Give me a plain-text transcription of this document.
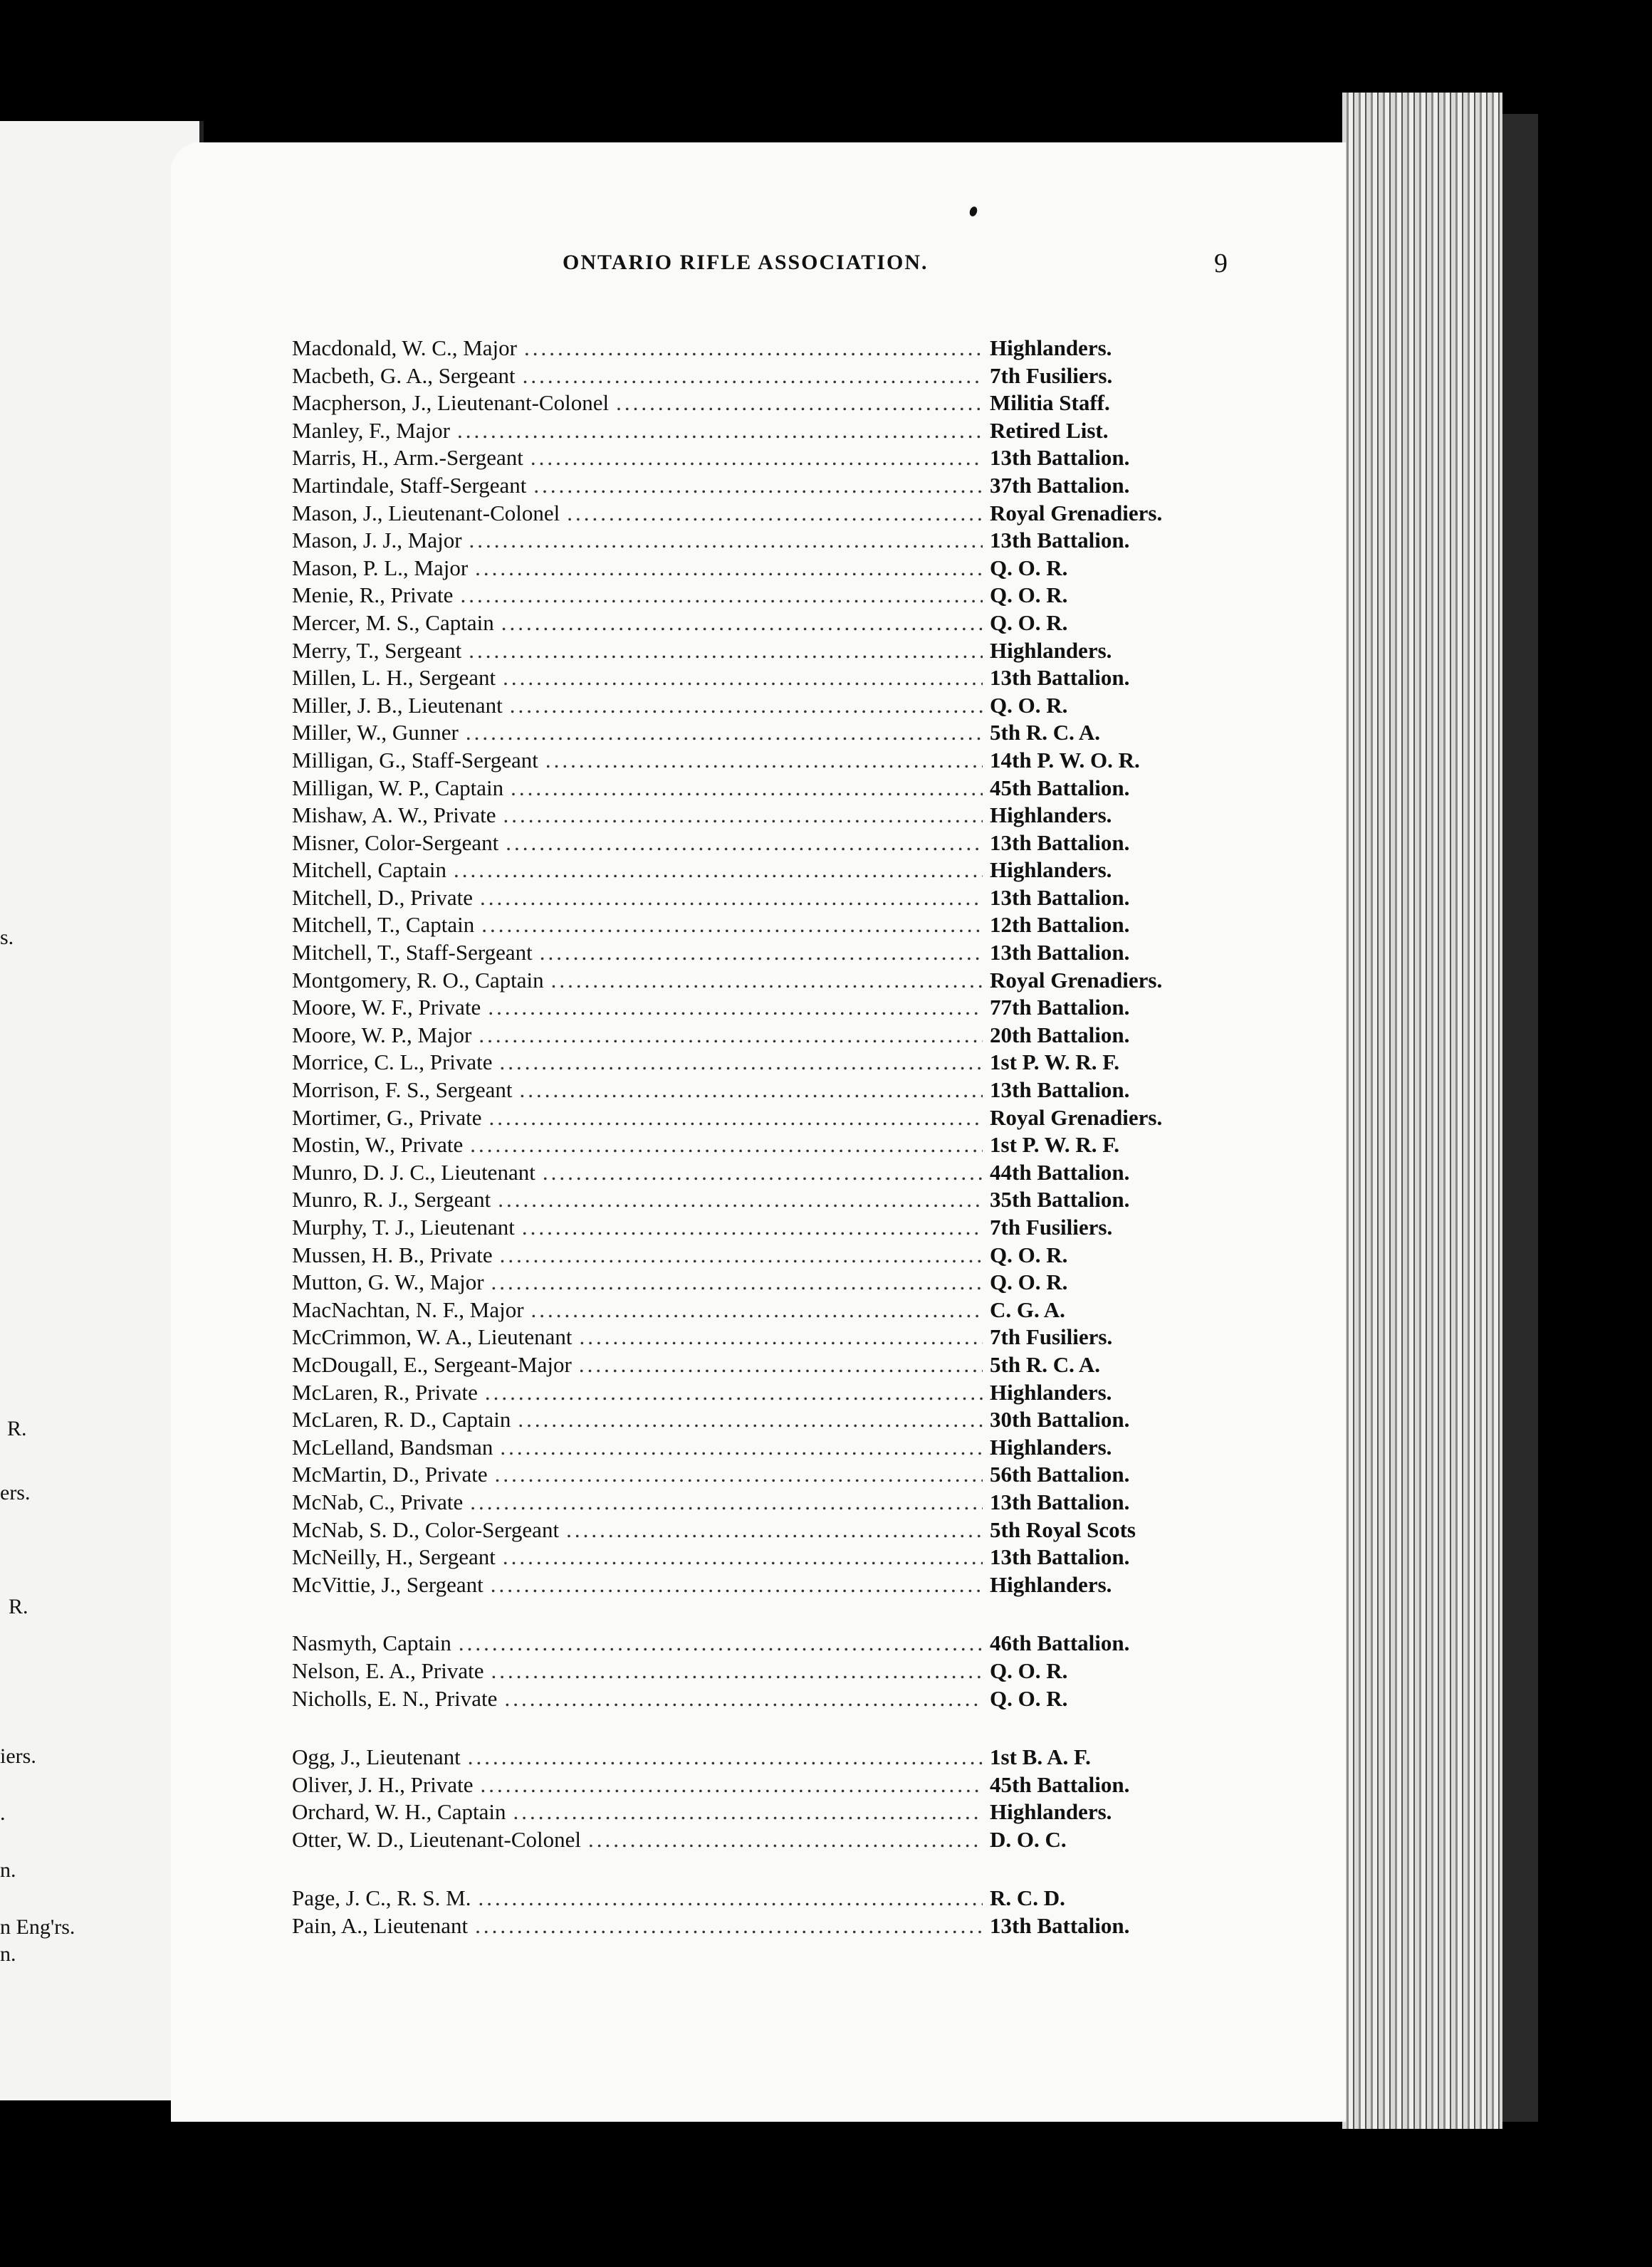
s.
R.
ers.
R.
iers.
.
n.
n Eng'rs.
n.
ONTARIO RIFLE ASSOCIATION.	9
Macdonald, W. C., Major .....	Highlanders.
Macbeth, G. A., Sergeant .....	7th Fusiliers.
Macpherson, J., Lieutenant-Colonel .....	Militia Staff.
Manley, F., Major .....	Retired List.
Marris, H., Arm.-Sergeant .....	13th Battalion.
Martindale, Staff-Sergeant .....	37th Battalion.
Mason, J., Lieutenant-Colonel .....	Royal Grenadiers.
Mason, J. J., Major .....	13th Battalion.
Mason, P. L., Major .....	Q. O. R.
Menie, R., Private .....	Q. O. R.
Mercer, M. S., Captain .....	Q. O. R.
Merry, T., Sergeant .....	Highlanders.
Millen, L. H., Sergeant .....	13th Battalion.
Miller, J. B., Lieutenant .....	Q. O. R.
Miller, W., Gunner .....	5th R. C. A.
Milligan, G., Staff-Sergeant .....	14th P. W. O. R.
Milligan, W. P., Captain .....	45th Battalion.
Mishaw, A. W., Private .....	Highlanders.
Misner, Color-Sergeant .....	13th Battalion.
Mitchell, Captain .....	Highlanders.
Mitchell, D., Private .....	13th Battalion.
Mitchell, T., Captain .....	12th Battalion.
Mitchell, T., Staff-Sergeant .....	13th Battalion.
Montgomery, R. O., Captain .....	Royal Grenadiers.
Moore, W. F., Private .....	77th Battalion.
Moore, W. P., Major .....	20th Battalion.
Morrice, C. L., Private .....	1st P. W. R. F.
Morrison, F. S., Sergeant .....	13th Battalion.
Mortimer, G., Private .....	Royal Grenadiers.
Mostin, W., Private .....	1st P. W. R. F.
Munro, D. J. C., Lieutenant .....	44th Battalion.
Munro, R. J., Sergeant .....	35th Battalion.
Murphy, T. J., Lieutenant .....	7th Fusiliers.
Mussen, H. B., Private .....	Q. O. R.
Mutton, G. W., Major .....	Q. O. R.
MacNachtan, N. F., Major .....	C. G. A.
McCrimmon, W. A., Lieutenant .....	7th Fusiliers.
McDougall, E., Sergeant-Major .....	5th R. C. A.
McLaren, R., Private .....	Highlanders.
McLaren, R. D., Captain .....	30th Battalion.
McLelland, Bandsman .....	Highlanders.
McMartin, D., Private .....	56th Battalion.
McNab, C., Private .....	13th Battalion.
McNab, S. D., Color-Sergeant .....	5th Royal Scots
McNeilly, H., Sergeant .....	13th Battalion.
McVittie, J., Sergeant .....	Highlanders.
Nasmyth, Captain .....	46th Battalion.
Nelson, E. A., Private .....	Q. O. R.
Nicholls, E. N., Private .....	Q. O. R.
Ogg, J., Lieutenant .....	1st B. A. F.
Oliver, J. H., Private .....	45th Battalion.
Orchard, W. H., Captain .....	Highlanders.
Otter, W. D., Lieutenant-Colonel .....	D. O. C.
Page, J. C., R. S. M. .....	R. C. D.
Pain, A., Lieutenant .....	13th Battalion.
